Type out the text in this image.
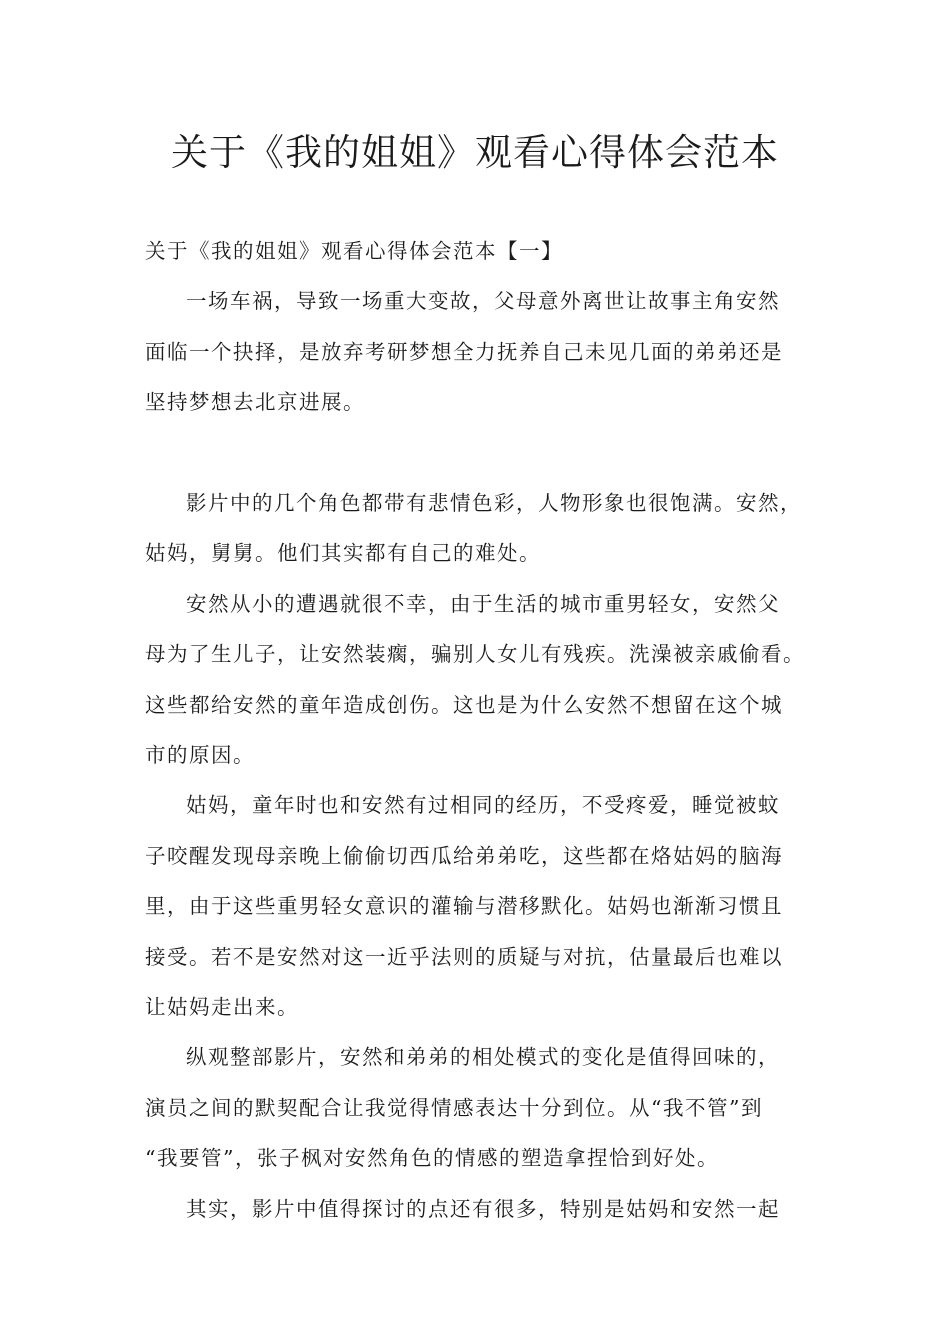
关于《我的姐姐》观看心得体会范本

关于《我的姐姐》观看心得体会范本【一】

一场车祸，导致一场重大变故，父母意外离世让故事主角安然
面临一个抉择，是放弃考研梦想全力抚养自己未见几面的弟弟还是
坚持梦想去北京进展。

影片中的几个角色都带有悲情色彩，人物形象也很饱满。安然，
姑妈，舅舅。他们其实都有自己的难处。

安然从小的遭遇就很不幸，由于生活的城市重男轻女，安然父
母为了生儿子，让安然装瘸，骗别人女儿有残疾。洗澡被亲戚偷看。
这些都给安然的童年造成创伤。这也是为什么安然不想留在这个城
市的原因。

姑妈，童年时也和安然有过相同的经历，不受疼爱，睡觉被蚊
子咬醒发现母亲晚上偷偷切西瓜给弟弟吃，这些都在烙姑妈的脑海
里，由于这些重男轻女意识的灌输与潜移默化。姑妈也渐渐习惯且
接受。若不是安然对这一近乎法则的质疑与对抗，估量最后也难以
让姑妈走出来。

纵观整部影片，安然和弟弟的相处模式的变化是值得回味的，
演员之间的默契配合让我觉得情感表达十分到位。从“我不管”到
“我要管”，张子枫对安然角色的情感的塑造拿捏恰到好处。

其实，影片中值得探讨的点还有很多，特别是姑妈和安然一起
